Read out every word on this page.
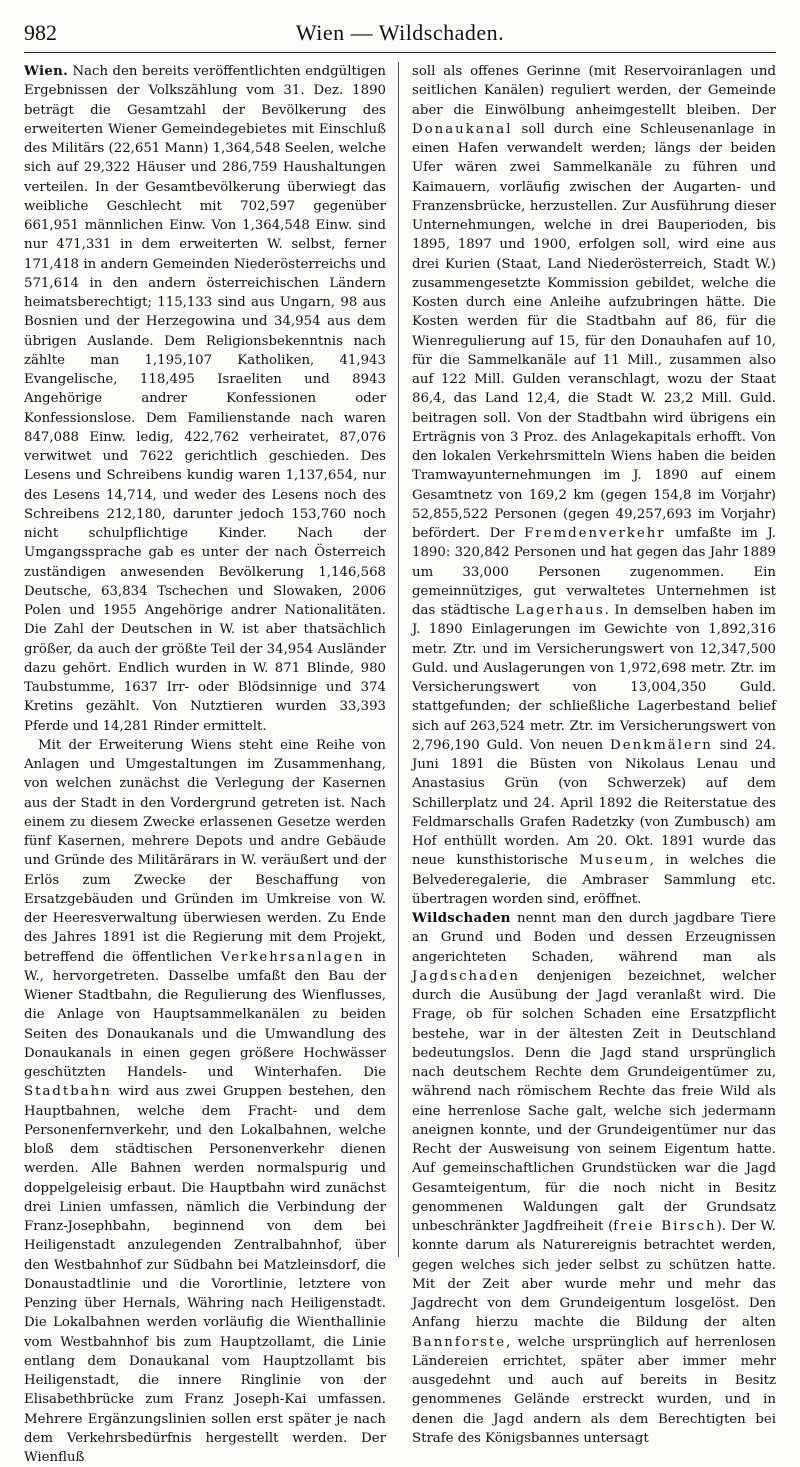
982	Wien — Wildschaden.

Wien. Nach den bereits veröffentlichten endgültigen Ergebnissen der Volkszählung vom 31. Dez. 1890 beträgt die Gesamtzahl der Bevölkerung des erweiterten Wiener Gemeindegebietes mit Einschluß des Militärs (22,651 Mann) 1,364,548 Seelen, welche sich auf 29,322 Häuser und 286,759 Haushaltungen verteilen. In der Gesamtbevölkerung überwiegt das weibliche Geschlecht mit 702,597 gegenüber 661,951 männlichen Einw. Von 1,364,548 Einw. sind nur 471,331 in dem erweiterten W. selbst, ferner 171,418 in andern Gemeinden Niederösterreichs und 571,614 in den andern österreichischen Ländern heimatsberechtigt; 115,133 sind aus Ungarn, 98 aus Bosnien und der Herzegowina und 34,954 aus dem übrigen Auslande. Dem Religionsbekenntnis nach zählte man 1,195,107 Katholiken, 41,943 Evangelische, 118,495 Israeliten und 8943 Angehörige andrer Konfessionen oder Konfessionslose. Dem Familienstande nach waren 847,088 Einw. ledig, 422,762 verheiratet, 87,076 verwitwet und 7622 gerichtlich geschieden. Des Lesens und Schreibens kundig waren 1,137,654, nur des Lesens 14,714, und weder des Lesens noch des Schreibens 212,180, darunter jedoch 153,760 noch nicht schulpflichtige Kinder. Nach der Umgangssprache gab es unter der nach Österreich zuständigen anwesenden Bevölkerung 1,146,568 Deutsche, 63,834 Tschechen und Slowaken, 2006 Polen und 1955 Angehörige andrer Nationalitäten. Die Zahl der Deutschen in W. ist aber thatsächlich größer, da auch der größte Teil der 34,954 Ausländer dazu gehört. Endlich wurden in W. 871 Blinde, 980 Taubstumme, 1637 Irr- oder Blödsinnige und 374 Kretins gezählt. Von Nutztieren wurden 33,393 Pferde und 14,281 Rinder ermittelt.

Mit der Erweiterung Wiens steht eine Reihe von Anlagen und Umgestaltungen im Zusammenhang, von welchen zunächst die Verlegung der Kasernen aus der Stadt in den Vordergrund getreten ist. Nach einem zu diesem Zwecke erlassenen Gesetze werden fünf Kasernen, mehrere Depots und andre Gebäude und Gründe des Militärärars in W. veräußert und der Erlös zum Zwecke der Beschaffung von Ersatzgebäuden und Gründen im Umkreise von W. der Heeresverwaltung überwiesen werden. Zu Ende des Jahres 1891 ist die Regierung mit dem Projekt, betreffend die öffentlichen Verkehrsanlagen in W., hervorgetreten. Dasselbe umfaßt den Bau der Wiener Stadtbahn, die Regulierung des Wienflusses, die Anlage von Hauptsammelkanälen zu beiden Seiten des Donaukanals und die Umwandlung des Donaukanals in einen gegen größere Hochwässer geschützten Handels- und Winterhafen. Die Stadtbahn wird aus zwei Gruppen bestehen, den Hauptbahnen, welche dem Fracht- und dem Personenfernverkehr, und den Lokalbahnen, welche bloß dem städtischen Personenverkehr dienen werden. Alle Bahnen werden normalspurig und doppelgeleisig erbaut. Die Hauptbahn wird zunächst drei Linien umfassen, nämlich die Verbindung der Franz-Josephbahn, beginnend von dem bei Heiligenstadt anzulegenden Zentralbahnhof, über den Westbahnhof zur Südbahn bei Matzleinsdorf, die Donaustadtlinie und die Vorortlinie, letztere von Penzing über Hernals, Währing nach Heiligenstadt. Die Lokalbahnen werden vorläufig die Wienthallinie vom Westbahnhof bis zum Hauptzollamt, die Linie entlang dem Donaukanal vom Hauptzollamt bis Heiligenstadt, die innere Ringlinie von der Elisabethbrücke zum Franz Joseph-Kai umfassen. Mehrere Ergänzungslinien sollen erst später je nach dem Verkehrsbedürfnis hergestellt werden. Der Wienfluß

soll als offenes Gerinne (mit Reservoiranlagen und seitlichen Kanälen) reguliert werden, der Gemeinde aber die Einwölbung anheimgestellt bleiben. Der Donaukanal soll durch eine Schleusenanlage in einen Hafen verwandelt werden; längs der beiden Ufer wären zwei Sammelkanäle zu führen und Kaimauern, vorläufig zwischen der Augarten- und Franzensbrücke, herzustellen. Zur Ausführung dieser Unternehmungen, welche in drei Bauperioden, bis 1895, 1897 und 1900, erfolgen soll, wird eine aus drei Kurien (Staat, Land Niederösterreich, Stadt W.) zusammengesetzte Kommission gebildet, welche die Kosten durch eine Anleihe aufzubringen hätte. Die Kosten werden für die Stadtbahn auf 86, für die Wienregulierung auf 15, für den Donauhafen auf 10, für die Sammelkanäle auf 11 Mill., zusammen also auf 122 Mill. Gulden veranschlagt, wozu der Staat 86,4, das Land 12,4, die Stadt W. 23,2 Mill. Guld. beitragen soll. Von der Stadtbahn wird übrigens ein Erträgnis von 3 Proz. des Anlagekapitals erhofft. Von den lokalen Verkehrsmitteln Wiens haben die beiden Tramwayunternehmungen im J. 1890 auf einem Gesamtnetz von 169,2 km (gegen 154,8 im Vorjahr) 52,855,522 Personen (gegen 49,257,693 im Vorjahr) befördert. Der Fremdenverkehr umfaßte im J. 1890: 320,842 Personen und hat gegen das Jahr 1889 um 33,000 Personen zugenommen. Ein gemeinnütziges, gut verwaltetes Unternehmen ist das städtische Lagerhaus. In demselben haben im J. 1890 Einlagerungen im Gewichte von 1,892,316 metr. Ztr. und im Versicherungswert von 12,347,500 Guld. und Auslagerungen von 1,972,698 metr. Ztr. im Versicherungswert von 13,004,350 Guld. stattgefunden; der schließliche Lagerbestand belief sich auf 263,524 metr. Ztr. im Versicherungswert von 2,796,190 Guld. Von neuen Denkmälern sind 24. Juni 1891 die Büsten von Nikolaus Lenau und Anastasius Grün (von Schwerzek) auf dem Schillerplatz und 24. April 1892 die Reiterstatue des Feldmarschalls Grafen Radetzky (von Zumbusch) am Hof enthüllt worden. Am 20. Okt. 1891 wurde das neue kunsthistorische Museum, in welches die Belvederegalerie, die Ambraser Sammlung etc. übertragen worden sind, eröffnet.

Wildschaden nennt man den durch jagdbare Tiere an Grund und Boden und dessen Erzeugnissen angerichteten Schaden, während man als Jagdschaden denjenigen bezeichnet, welcher durch die Ausübung der Jagd veranlaßt wird. Die Frage, ob für solchen Schaden eine Ersatzpflicht bestehe, war in der ältesten Zeit in Deutschland bedeutungslos. Denn die Jagd stand ursprünglich nach deutschem Rechte dem Grundeigentümer zu, während nach römischem Rechte das freie Wild als eine herrenlose Sache galt, welche sich jedermann aneignen konnte, und der Grundeigentümer nur das Recht der Ausweisung von seinem Eigentum hatte. Auf gemeinschaftlichen Grundstücken war die Jagd Gesamteigentum, für die noch nicht in Besitz genommenen Waldungen galt der Grundsatz unbeschränkter Jagdfreiheit (freie Birsch). Der W. konnte darum als Naturereignis betrachtet werden, gegen welches sich jeder selbst zu schützen hatte. Mit der Zeit aber wurde mehr und mehr das Jagdrecht von dem Grundeigentum losgelöst. Den Anfang hierzu machte die Bildung der alten Bannforste, welche ursprünglich auf herrenlosen Ländereien errichtet, später aber immer mehr ausgedehnt und auch auf bereits in Besitz genommenes Gelände erstreckt wurden, und in denen die Jagd andern als dem Berechtigten bei Strafe des Königsbannes untersagt
